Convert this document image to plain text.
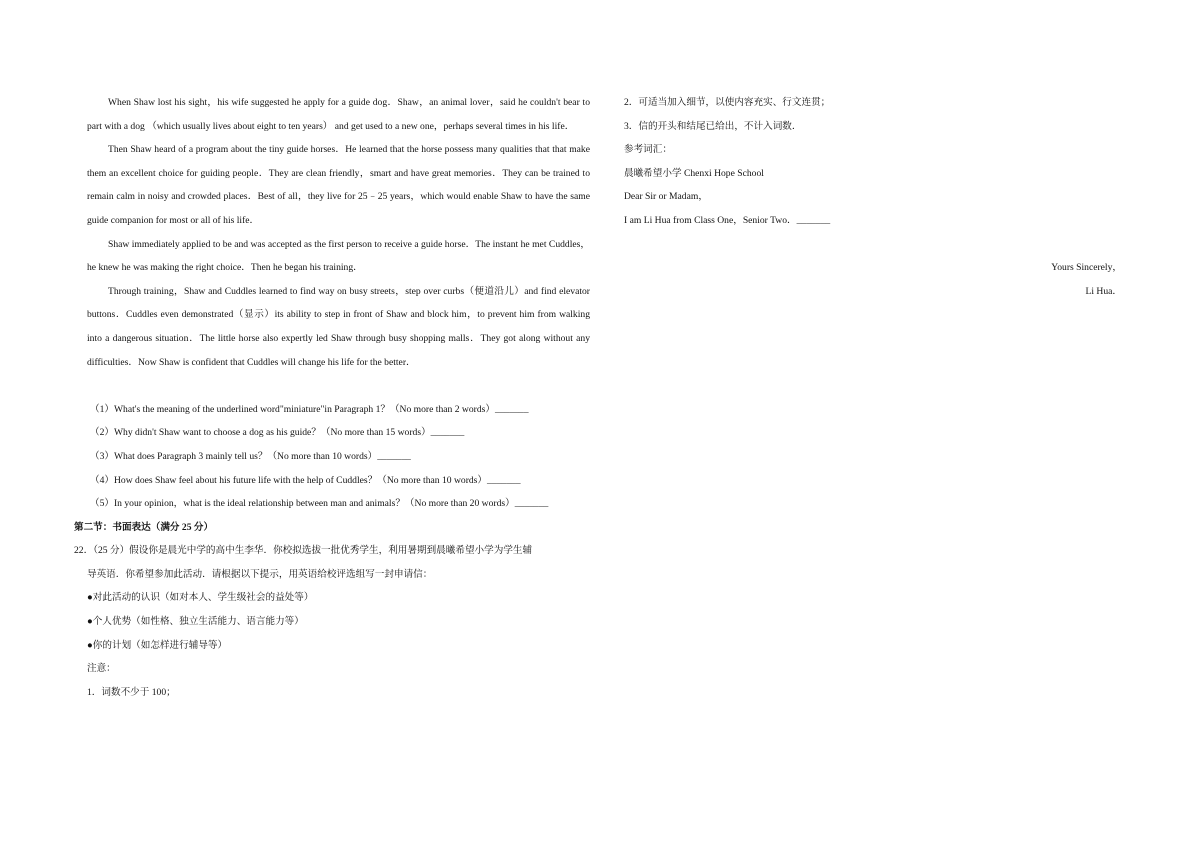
When Shaw lost his sight，his wife suggested he apply for a guide dog．Shaw，an animal lover，said he couldn't bear to part with a dog （which usually lives about eight to ten years） and get used to a new one，perhaps several times in his life．

Then Shaw heard of a program about the tiny guide horses．He learned that the horse possess many qualities that that make them an excellent choice for guiding people．They are clean friendly，smart and have great memories．They can be trained to remain calm in noisy and crowded places．Best of all，they live for 25﹣25 years，which would enable Shaw to have the same guide companion for most or all of his life．

Shaw immediately applied to be and was accepted as the first person to receive a guide horse．The instant he met Cuddles，he knew he was making the right choice．Then he began his training．

Through training，Shaw and Cuddles learned to find way on busy streets，step over curbs（便道沿儿）and find elevator buttons．Cuddles even demonstrated（显示）its ability to step in front of Shaw and block him，to prevent him from walking into a dangerous situation．The little horse also expertly led Shaw through busy shopping malls．They got along without any difficulties．Now Shaw is confident that Cuddles will change his life for the better．

（1）What's the meaning of the underlined word"miniature"in Paragraph 1？（No more than 2 words）_______

（2）Why didn't Shaw want to choose a dog as his guide？（No more than 15 words）_______

（3）What does Paragraph 3 mainly tell us？（No more than 10 words）_______

（4）How does Shaw feel about his future life with the help of Cuddles？（No more than 10 words）_______

（5）In your opinion，what is the ideal relationship between man and animals？（No more than 20 words）_______

第二节：书面表达（满分 25 分）
22．（25 分）假设你是晨光中学的高中生李华．你校拟选拔一批优秀学生，利用暑期到晨曦希望小学为学生辅
导英语．你希望参加此活动．请根据以下提示，用英语给校评选组写一封申请信：
●对此活动的认识（如对本人、学生级社会的益处等）
●个人优势（如性格、独立生活能力、语言能力等）
●你的计划（如怎样进行辅导等）
注意：
1．词数不少于 100；

2．可适当加入细节，以使内容充实、行文连贯；

3．信的开头和结尾已给出，不计入词数．

参考词汇：

晨曦希望小学 Chenxi Hope School

Dear Sir or Madam，

I am Li Hua from Class One，Senior Two．_______

Yours Sincerely，

Li Hua．
